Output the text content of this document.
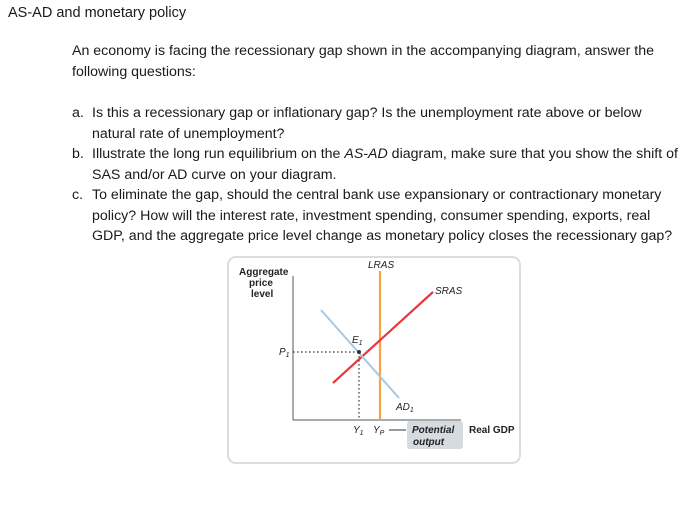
AS-AD and monetary policy
An economy is facing the recessionary gap shown in the accompanying diagram, answer the following questions:
a. Is this a recessionary gap or inflationary gap? Is the unemployment rate above or below natural rate of unemployment?
b. Illustrate the long run equilibrium on the AS-AD diagram, make sure that you show the shift of SAS and/or AD curve on your diagram.
c. To eliminate the gap, should the central bank use expansionary or contractionary monetary policy? How will the interest rate, investment spending, consumer spending, exports, real GDP, and the aggregate price level change as monetary policy closes the recessionary gap?
Aggregate
price
level
LRAS
SRAS
$AD_1$
$E_1$
$P_1$
$Y_1$ $Y_P$	Potential
output
Real GDP
